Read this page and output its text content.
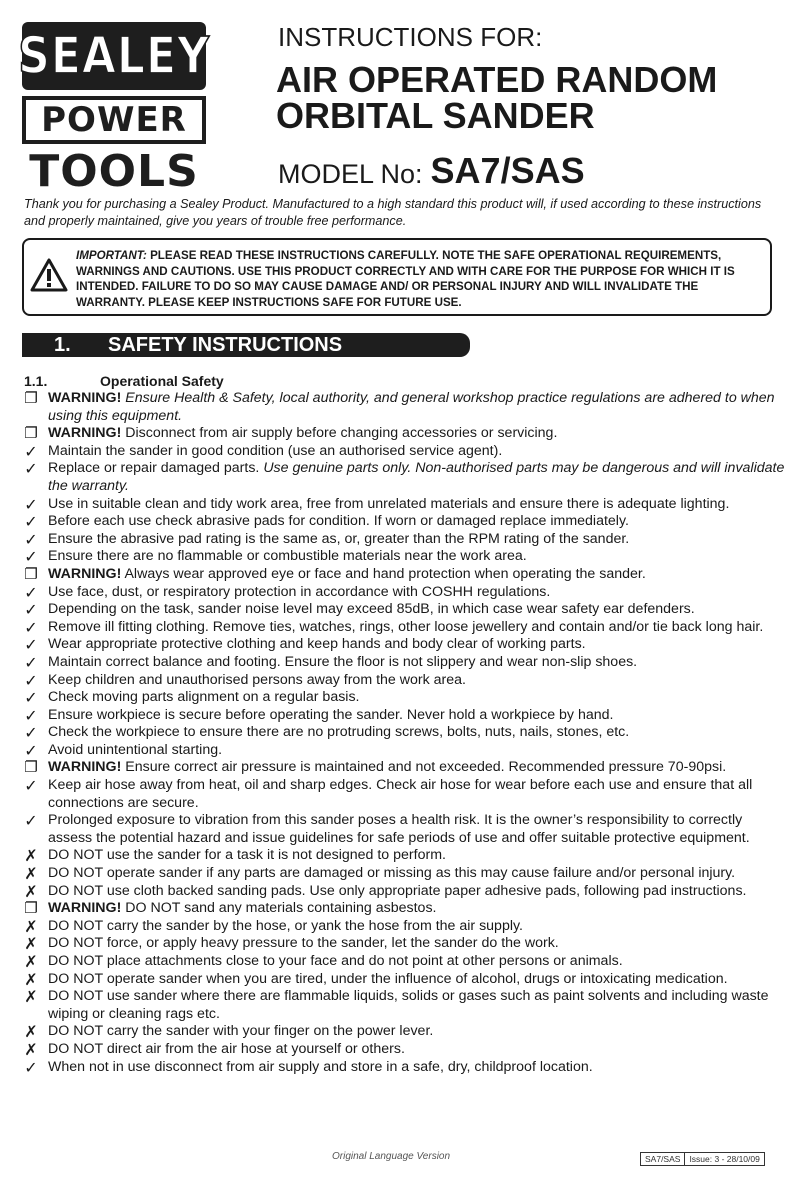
SEALEY
POWER
TOOLS
INSTRUCTIONS FOR:
AIR OPERATED RANDOM
ORBITAL SANDER
MODEL No: SA7/SAS
Thank you for purchasing a Sealey Product. Manufactured to a high standard this product will, if used according to these instructions and properly maintained, give you years of trouble free performance.
IMPORTANT: PLEASE READ THESE INSTRUCTIONS CAREFULLY. NOTE THE SAFE OPERATIONAL REQUIREMENTS, WARNINGS AND CAUTIONS. USE THIS PRODUCT CORRECTLY AND WITH CARE FOR THE PURPOSE FOR WHICH IT IS INTENDED. FAILURE TO DO SO MAY CAUSE DAMAGE AND/ OR PERSONAL INJURY AND WILL INVALIDATE THE WARRANTY. PLEASE KEEP INSTRUCTIONS SAFE FOR FUTURE USE.
1. SAFETY INSTRUCTIONS
1.1.	Operational Safety
❐ WARNING! Ensure Health & Safety, local authority, and general workshop practice regulations are adhered to when using this equipment.
❐ WARNING! Disconnect from air supply before changing accessories or servicing.
✓ Maintain the sander in good condition (use an authorised service agent).
✓ Replace or repair damaged parts. Use genuine parts only. Non-authorised parts may be dangerous and will invalidate the warranty.
✓ Use in suitable clean and tidy work area, free from unrelated materials and ensure there is adequate lighting.
✓ Before each use check abrasive pads for condition. If worn or damaged replace immediately.
✓ Ensure the abrasive pad rating is the same as, or, greater than the RPM rating of the sander.
✓ Ensure there are no flammable or combustible materials near the work area.
❐ WARNING! Always wear approved eye or face and hand protection when operating the sander.
✓ Use face, dust, or respiratory protection in accordance with COSHH regulations.
✓ Depending on the task, sander noise level may exceed 85dB, in which case wear safety ear defenders.
✓ Remove ill fitting clothing. Remove ties, watches, rings, other loose jewellery and contain and/or tie back long hair.
✓ Wear appropriate protective clothing and keep hands and body clear of working parts.
✓ Maintain correct balance and footing. Ensure the floor is not slippery and wear non-slip shoes.
✓ Keep children and unauthorised persons away from the work area.
✓ Check moving parts alignment on a regular basis.
✓ Ensure workpiece is secure before operating the sander. Never hold a workpiece by hand.
✓ Check the workpiece to ensure there are no protruding screws, bolts, nuts, nails, stones, etc.
✓ Avoid unintentional starting.
❐ WARNING! Ensure correct air pressure is maintained and not exceeded. Recommended pressure 70-90psi.
✓ Keep air hose away from heat, oil and sharp edges. Check air hose for wear before each use and ensure that all connections are secure.
✓ Prolonged exposure to vibration from this sander poses a health risk. It is the owner’s responsibility to correctly assess the potential hazard and issue guidelines for safe periods of use and offer suitable protective equipment.
✗ DO NOT use the sander for a task it is not designed to perform.
✗ DO NOT operate sander if any parts are damaged or missing as this may cause failure and/or personal injury.
✗ DO NOT use cloth backed sanding pads. Use only appropriate paper adhesive pads, following pad instructions.
❐ WARNING! DO NOT sand any materials containing asbestos.
✗ DO NOT carry the sander by the hose, or yank the hose from the air supply.
✗ DO NOT force, or apply heavy pressure to the sander, let the sander do the work.
✗ DO NOT place attachments close to your face and do not point at other persons or animals.
✗ DO NOT operate sander when you are tired, under the influence of alcohol, drugs or intoxicating medication.
✗ DO NOT use sander where there are flammable liquids, solids or gases such as paint solvents and including waste wiping or cleaning rags etc.
✗ DO NOT carry the sander with your finger on the power lever.
✗ DO NOT direct air from the air hose at yourself or others.
✓ When not in use disconnect from air supply and store in a safe, dry, childproof location.
Original Language Version	SA7/SAS	Issue: 3 - 28/10/09
